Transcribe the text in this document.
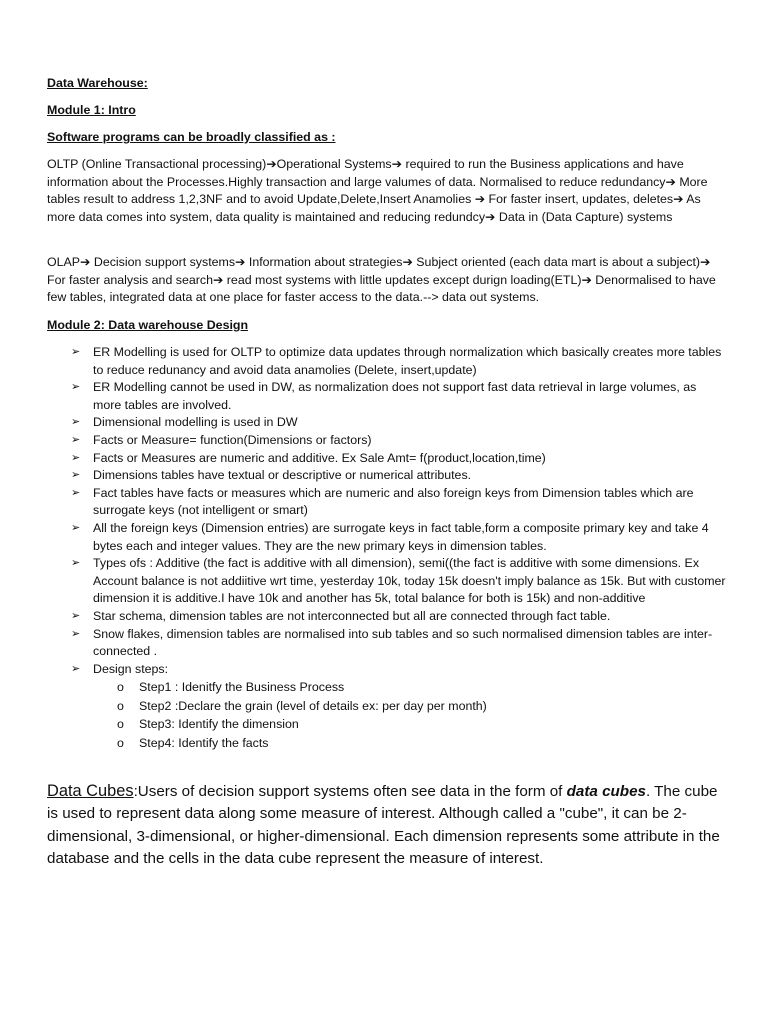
Data Warehouse:
Module 1: Intro
Software programs can be broadly classified as :
OLTP (Online Transactional processing)➔Operational Systems➔ required to run the Business applications and have information about the Processes.Highly transaction and large valumes of data. Normalised to reduce redundancy➔ More tables result to address 1,2,3NF and to avoid Update,Delete,Insert Anamolies ➔ For faster insert, updates, deletes➔ As more data comes into system, data quality is maintained and reducing redundcy➔ Data in (Data Capture) systems
OLAP➔ Decision support systems➔ Information about strategies➔ Subject oriented (each data mart is about a subject)➔ For faster analysis and search➔ read most systems with little updates except durign loading(ETL)➔ Denormalised to have few tables, integrated data at one place for faster access to the data.--> data out systems.
Module 2: Data warehouse Design
➢ ER Modelling is used for OLTP to optimize data updates through normalization which basically creates more tables to reduce redunancy and avoid data anamolies (Delete, insert,update)
➢ ER Modelling cannot be used in DW, as normalization does not support fast data retrieval in large volumes, as more tables are involved.
➢ Dimensional modelling is used in DW
➢ Facts or Measure= function(Dimensions or factors)
➢ Facts or Measures are numeric and additive. Ex Sale Amt= f(product,location,time)
➢ Dimensions tables have textual or descriptive or numerical attributes.
➢ Fact tables have facts or measures which are numeric and also foreign keys from Dimension tables which are surrogate keys (not intelligent or smart)
➢ All the foreign keys (Dimension entries) are surrogate keys in fact table,form a composite primary key and take 4 bytes each and integer values. They are the new primary keys in dimension tables.
➢ Types ofs : Additive (the fact is additive with all dimension), semi((the fact is additive with some dimensions. Ex Account balance is not addiitive wrt time, yesterday 10k, today 15k doesn't imply balance as 15k. But with customer dimension it is additive.I have 10k and another has 5k, total balance for both is 15k) and non-additive
➢ Star schema, dimension tables are not interconnected but all are connected through fact table.
➢ Snow flakes, dimension tables are normalised into sub tables and so such normalised dimension tables are inter-connected .
➢ Design steps:
o Step1 : Idenitfy the Business Process
o Step2 :Declare the grain (level of details ex: per day per month)
o Step3: Identify the dimension
o Step4: Identify the facts
Data Cubes:Users of decision support systems often see data in the form of data cubes. The cube is used to represent data along some measure of interest. Although called a "cube", it can be 2-dimensional, 3-dimensional, or higher-dimensional. Each dimension represents some attribute in the database and the cells in the data cube represent the measure of interest.
